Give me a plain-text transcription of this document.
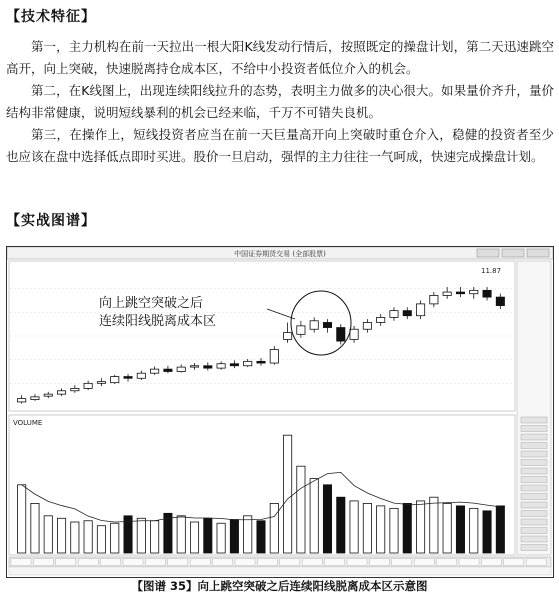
【技术特征】
第一，主力机构在前一天拉出一根大阳K线发动行情后，按照既定的操盘计划，第二天迅速跳空高开，向上突破，快速脱离持仓成本区，不给中小投资者低位介入的机会。
第二，在K线图上，出现连续阳线拉升的态势，表明主力做多的决心很大。如果量价齐升，量价结构非常健康，说明短线暴利的机会已经来临，千万不可错失良机。
第三，在操作上，短线投资者应当在前一天巨量高开向上突破时重仓介入，稳健的投资者至少也应该在盘中选择低点即时买进。股价一旦启动，强悍的主力往往一气呵成，快速完成操盘计划。
【实战图谱】
中国证券期货交易 (全部股票)
11.87
向上跳空突破之后
连续阳线脱离成本区
VOLUME
【图谱 35】向上跳空突破之后连续阳线脱离成本区示意图
